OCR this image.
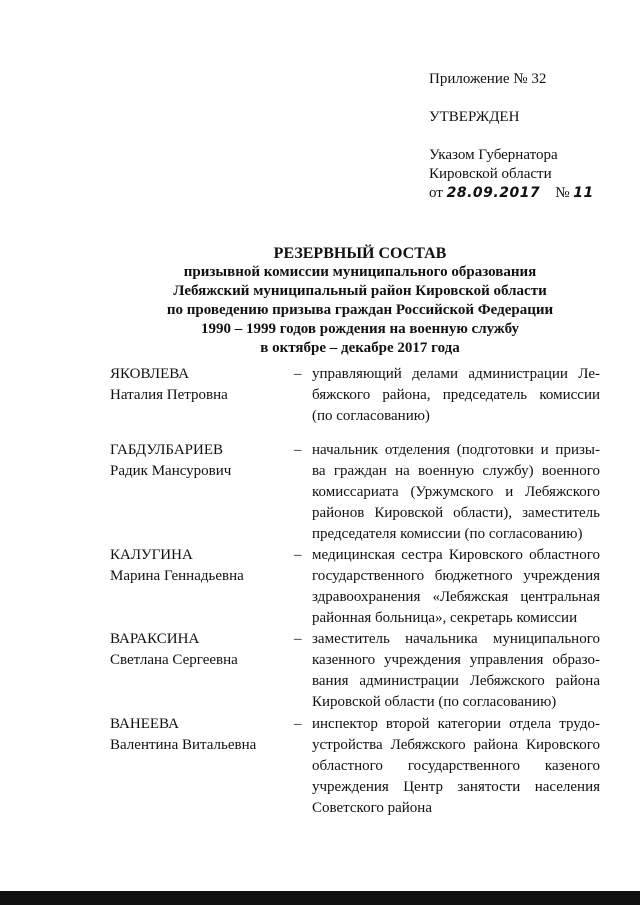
Приложение № 32
УТВЕРЖДЕН
Указом Губернатора
Кировской области
от 28.09.2017 № 11
РЕЗЕРВНЫЙ СОСТАВ
призывной комиссии муниципального образования
Лебяжский муниципальный район Кировской области
по проведению призыва граждан Российской Федерации
1990 – 1999 годов рождения на военную службу
в октябре – декабре 2017 года
ЯКОВЛЕВА
Наталия Петровна
– управляющий делами администрации Ле-
бяжского района, председатель комиссии
(по согласованию)
ГАБДУЛБАРИЕВ
Радик Мансурович
– начальник отделения (подготовки и призы-
ва граждан на военную службу) военного
комиссариата (Уржумского и Лебяжского
районов Кировской области), заместитель
председателя комиссии (по согласованию)
КАЛУГИНА
Марина Геннадьевна
– медицинская сестра Кировского областного
государственного бюджетного учреждения
здравоохранения «Лебяжская центральная
районная больница», секретарь комиссии
ВАРАКСИНА
Светлана Сергеевна
– заместитель начальника муниципального
казенного учреждения управления образо-
вания администрации Лебяжского района
Кировской области (по согласованию)
ВАНЕЕВА
Валентина Витальевна
– инспектор второй категории отдела трудо-
устройства Лебяжского района Кировского
областного государственного казеного
учреждения Центр занятости населения
Советского района
